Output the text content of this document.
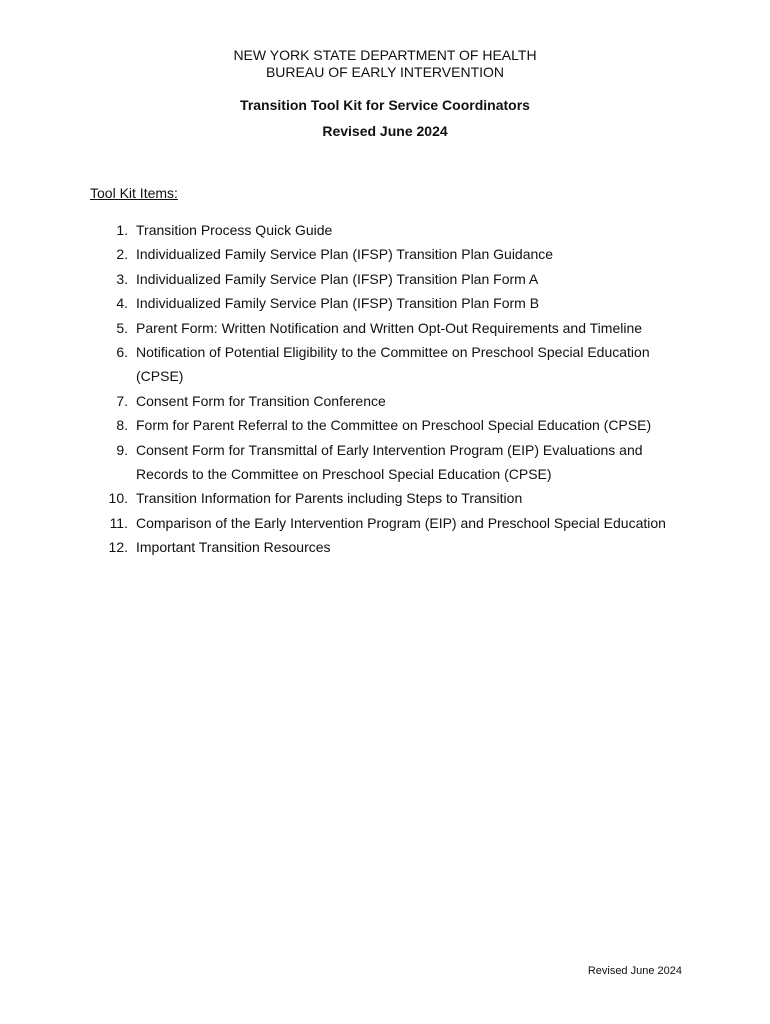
NEW YORK STATE DEPARTMENT OF HEALTH
BUREAU OF EARLY INTERVENTION
Transition Tool Kit for Service Coordinators
Revised June 2024
Tool Kit Items:
1. Transition Process Quick Guide
2. Individualized Family Service Plan (IFSP) Transition Plan Guidance
3. Individualized Family Service Plan (IFSP) Transition Plan Form A
4. Individualized Family Service Plan (IFSP) Transition Plan Form B
5. Parent Form: Written Notification and Written Opt-Out Requirements and Timeline
6. Notification of Potential Eligibility to the Committee on Preschool Special Education (CPSE)
7. Consent Form for Transition Conference
8. Form for Parent Referral to the Committee on Preschool Special Education (CPSE)
9. Consent Form for Transmittal of Early Intervention Program (EIP) Evaluations and Records to the Committee on Preschool Special Education (CPSE)
10. Transition Information for Parents including Steps to Transition
11. Comparison of the Early Intervention Program (EIP) and Preschool Special Education
12. Important Transition Resources
Revised June 2024
